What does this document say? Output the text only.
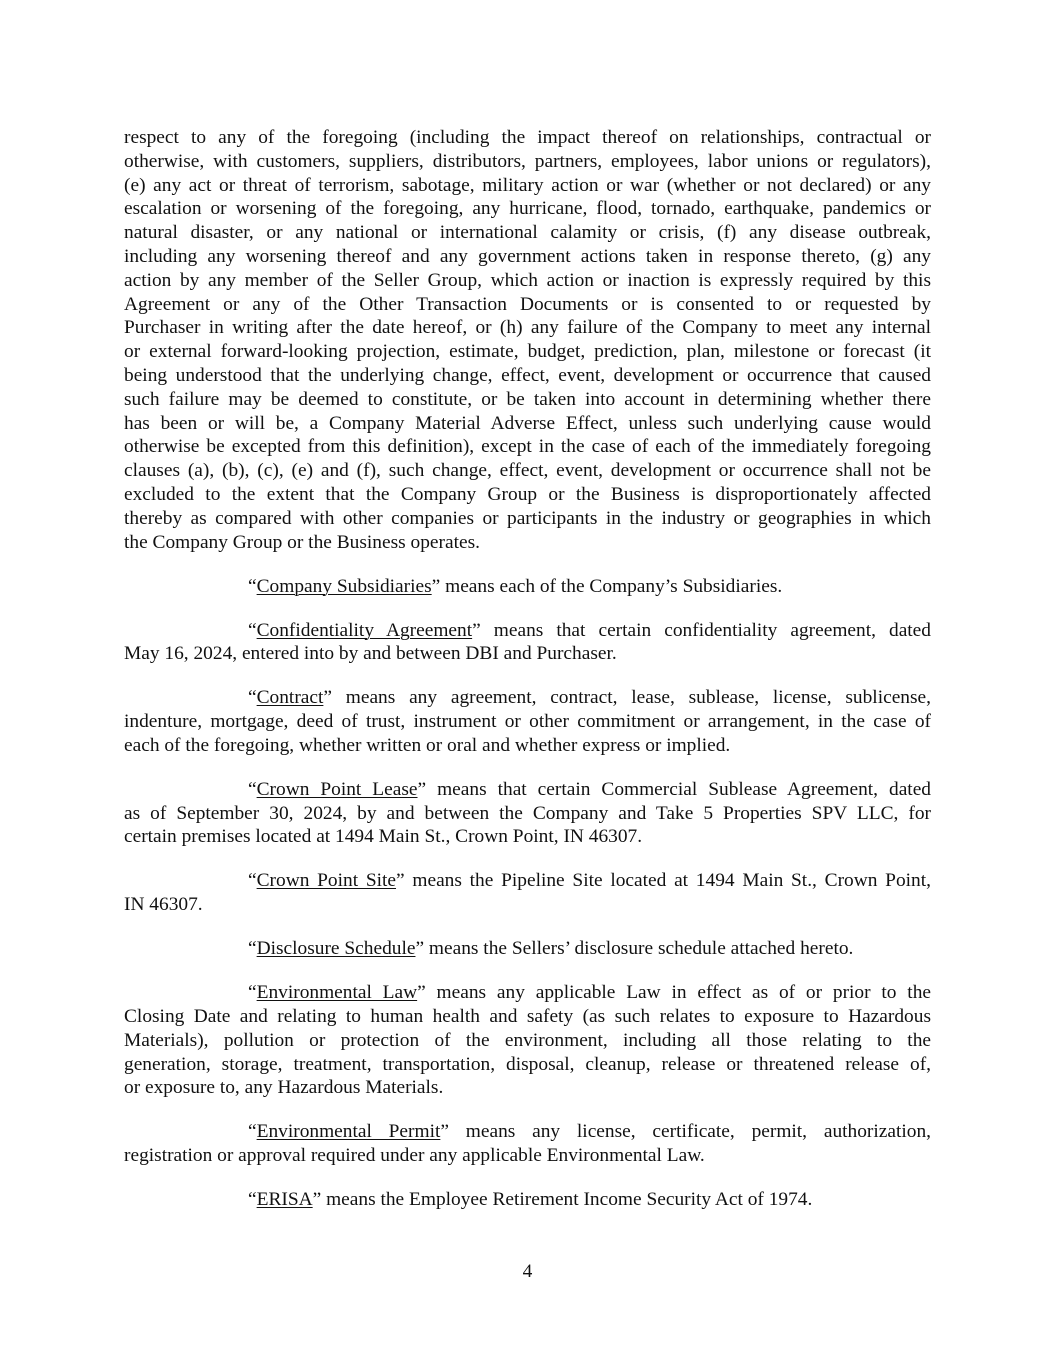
respect to any of the foregoing (including the impact thereof on relationships, contractual or
otherwise, with customers, suppliers, distributors, partners, employees, labor unions or regulators),
(e) any act or threat of terrorism, sabotage, military action or war (whether or not declared) or any
escalation or worsening of the foregoing, any hurricane, flood, tornado, earthquake, pandemics or
natural disaster, or any national or international calamity or crisis, (f) any disease outbreak,
including any worsening thereof and any government actions taken in response thereto, (g) any
action by any member of the Seller Group, which action or inaction is expressly required by this
Agreement or any of the Other Transaction Documents or is consented to or requested by
Purchaser in writing after the date hereof, or (h) any failure of the Company to meet any internal
or external forward-looking projection, estimate, budget, prediction, plan, milestone or forecast (it
being understood that the underlying change, effect, event, development or occurrence that caused
such failure may be deemed to constitute, or be taken into account in determining whether there
has been or will be, a Company Material Adverse Effect, unless such underlying cause would
otherwise be excepted from this definition), except in the case of each of the immediately foregoing
clauses (a), (b), (c), (e) and (f), such change, effect, event, development or occurrence shall not be
excluded to the extent that the Company Group or the Business is disproportionately affected
thereby as compared with other companies or participants in the industry or geographies in which
the Company Group or the Business operates.
“Company Subsidiaries” means each of the Company’s Subsidiaries.
“Confidentiality Agreement” means that certain confidentiality agreement, dated
May 16, 2024, entered into by and between DBI and Purchaser.
“Contract” means any agreement, contract, lease, sublease, license, sublicense,
indenture, mortgage, deed of trust, instrument or other commitment or arrangement, in the case of
each of the foregoing, whether written or oral and whether express or implied.
“Crown Point Lease” means that certain Commercial Sublease Agreement, dated
as of September 30, 2024, by and between the Company and Take 5 Properties SPV LLC, for
certain premises located at 1494 Main St., Crown Point, IN 46307.
“Crown Point Site” means the Pipeline Site located at 1494 Main St., Crown Point,
IN 46307.
“Disclosure Schedule” means the Sellers’ disclosure schedule attached hereto.
“Environmental Law” means any applicable Law in effect as of or prior to the
Closing Date and relating to human health and safety (as such relates to exposure to Hazardous
Materials), pollution or protection of the environment, including all those relating to the
generation, storage, treatment, transportation, disposal, cleanup, release or threatened release of,
or exposure to, any Hazardous Materials.
“Environmental Permit” means any license, certificate, permit, authorization,
registration or approval required under any applicable Environmental Law.
“ERISA” means the Employee Retirement Income Security Act of 1974.
4
